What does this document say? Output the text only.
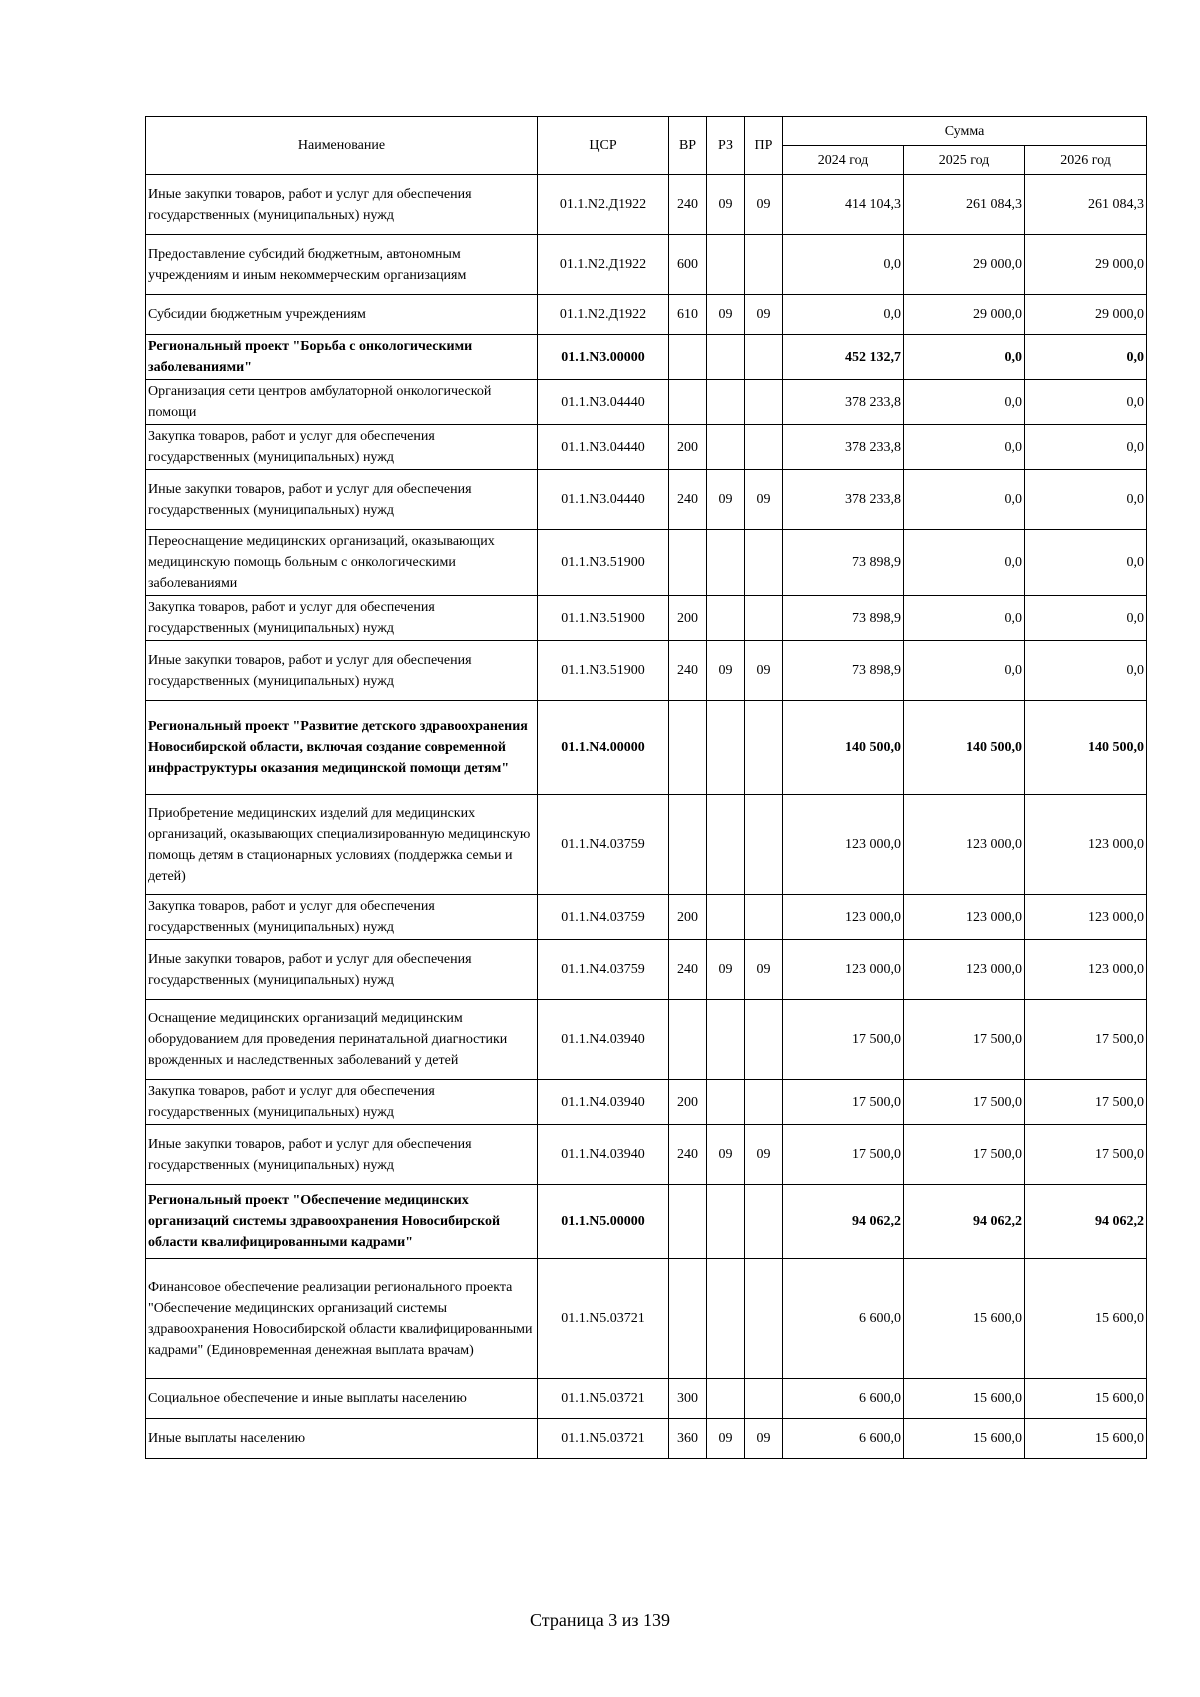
Наименование	ЦСР	ВР	РЗ	ПР	Сумма		
					2024 год	2025 год	2026 год
Иные закупки товаров, работ и услуг для обеспечения государственных (муниципальных) нужд	01.1.N2.Д1922	240	09	09	414 104,3	261 084,3	261 084,3
Предоставление субсидий бюджетным, автономным учреждениям и иным некоммерческим организациям	01.1.N2.Д1922	600			0,0	29 000,0	29 000,0
Субсидии бюджетным учреждениям	01.1.N2.Д1922	610	09	09	0,0	29 000,0	29 000,0
Региональный проект "Борьба с онкологическими заболеваниями"	01.1.N3.00000				452 132,7	0,0	0,0
Организация сети центров амбулаторной онкологической помощи	01.1.N3.04440				378 233,8	0,0	0,0
Закупка товаров, работ и услуг для обеспечения государственных (муниципальных) нужд	01.1.N3.04440	200			378 233,8	0,0	0,0
Иные закупки товаров, работ и услуг для обеспечения государственных (муниципальных) нужд	01.1.N3.04440	240	09	09	378 233,8	0,0	0,0
Переоснащение медицинских организаций, оказывающих медицинскую помощь больным с онкологическими заболеваниями	01.1.N3.51900				73 898,9	0,0	0,0
Закупка товаров, работ и услуг для обеспечения государственных (муниципальных) нужд	01.1.N3.51900	200			73 898,9	0,0	0,0
Иные закупки товаров, работ и услуг для обеспечения государственных (муниципальных) нужд	01.1.N3.51900	240	09	09	73 898,9	0,0	0,0
Региональный проект "Развитие детского здравоохранения Новосибирской области, включая создание современной инфраструктуры оказания медицинской помощи детям"	01.1.N4.00000				140 500,0	140 500,0	140 500,0
Приобретение медицинских изделий для медицинских организаций, оказывающих специализированную медицинскую помощь детям в стационарных условиях (поддержка семьи и детей)	01.1.N4.03759				123 000,0	123 000,0	123 000,0
Закупка товаров, работ и услуг для обеспечения государственных (муниципальных) нужд	01.1.N4.03759	200			123 000,0	123 000,0	123 000,0
Иные закупки товаров, работ и услуг для обеспечения государственных (муниципальных) нужд	01.1.N4.03759	240	09	09	123 000,0	123 000,0	123 000,0
Оснащение медицинских организаций медицинским оборудованием для проведения перинатальной диагностики врожденных и наследственных заболеваний у детей	01.1.N4.03940				17 500,0	17 500,0	17 500,0
Закупка товаров, работ и услуг для обеспечения государственных (муниципальных) нужд	01.1.N4.03940	200			17 500,0	17 500,0	17 500,0
Иные закупки товаров, работ и услуг для обеспечения государственных (муниципальных) нужд	01.1.N4.03940	240	09	09	17 500,0	17 500,0	17 500,0
Региональный проект "Обеспечение медицинских организаций системы здравоохранения Новосибирской области квалифицированными кадрами"	01.1.N5.00000				94 062,2	94 062,2	94 062,2
Финансовое обеспечение реализации регионального проекта "Обеспечение медицинских организаций системы здравоохранения Новосибирской области квалифицированными кадрами" (Единовременная денежная выплата врачам)	01.1.N5.03721				6 600,0	15 600,0	15 600,0
Социальное обеспечение и иные выплаты населению	01.1.N5.03721	300			6 600,0	15 600,0	15 600,0
Иные выплаты населению	01.1.N5.03721	360	09	09	6 600,0	15 600,0	15 600,0
Страница 3 из 139
